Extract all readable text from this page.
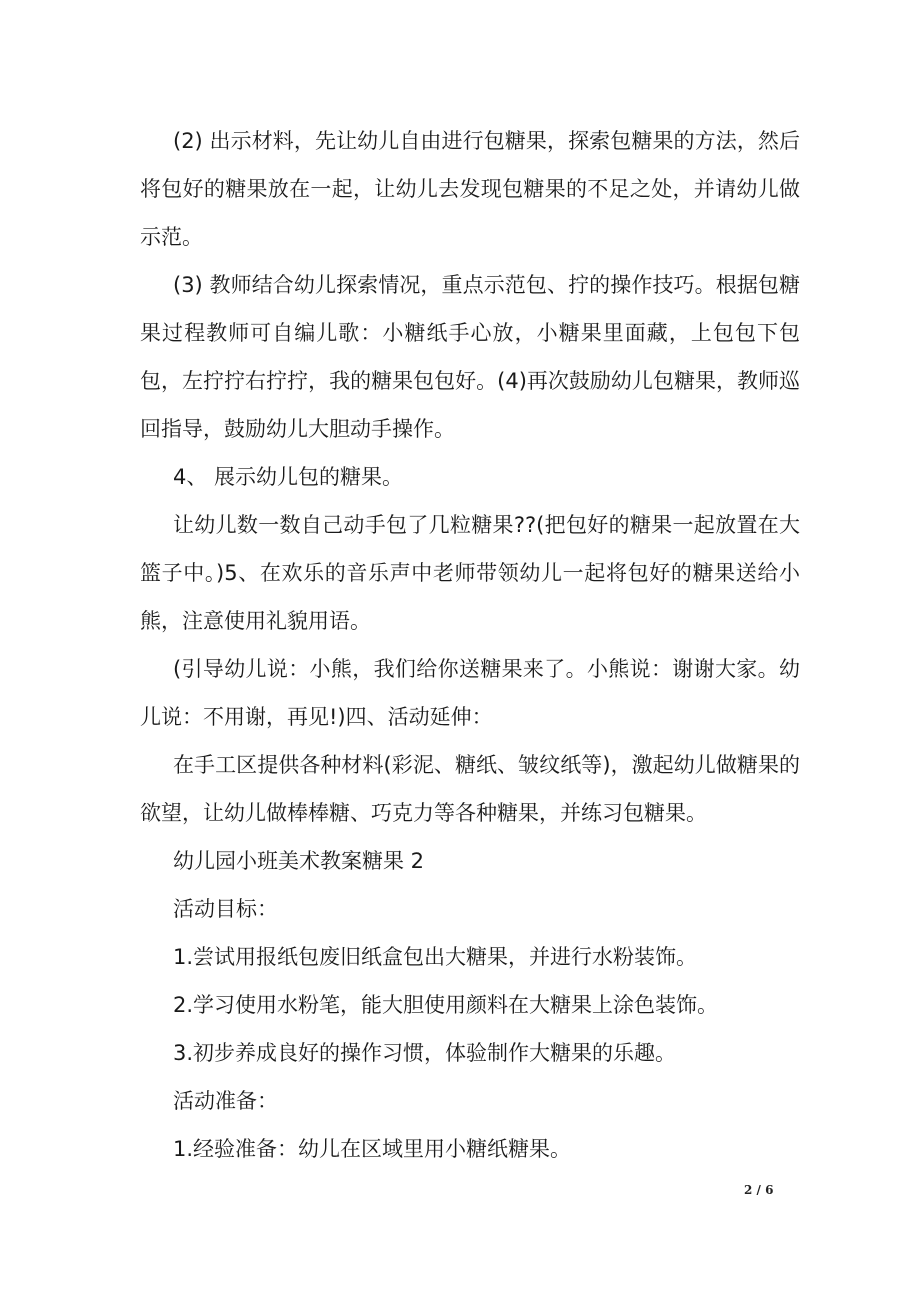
(2) 出示材料，先让幼儿自由进行包糖果，探索包糖果的方法，然后将包好的糖果放在一起，让幼儿去发现包糖果的不足之处，并请幼儿做示范。

(3) 教师结合幼儿探索情况，重点示范包、拧的操作技巧。根据包糖果过程教师可自编儿歌：小糖纸手心放，小糖果里面藏，上包包下包包，左拧拧右拧拧，我的糖果包包好。(4)再次鼓励幼儿包糖果，教师巡回指导，鼓励幼儿大胆动手操作。

4、 展示幼儿包的糖果。

让幼儿数一数自己动手包了几粒糖果??(把包好的糖果一起放置在大篮子中。)5、在欢乐的音乐声中老师带领幼儿一起将包好的糖果送给小熊，注意使用礼貌用语。

(引导幼儿说：小熊，我们给你送糖果来了。小熊说：谢谢大家。幼儿说：不用谢，再见!)四、活动延伸：

在手工区提供各种材料(彩泥、糖纸、皱纹纸等)，激起幼儿做糖果的欲望，让幼儿做棒棒糖、巧克力等各种糖果，并练习包糖果。

幼儿园小班美术教案糖果 2

活动目标：

1.尝试用报纸包废旧纸盒包出大糖果，并进行水粉装饰。

2.学习使用水粉笔，能大胆使用颜料在大糖果上涂色装饰。

3.初步养成良好的操作习惯，体验制作大糖果的乐趣。

活动准备：

1.经验准备：幼儿在区域里用小糖纸糖果。

2 / 6
